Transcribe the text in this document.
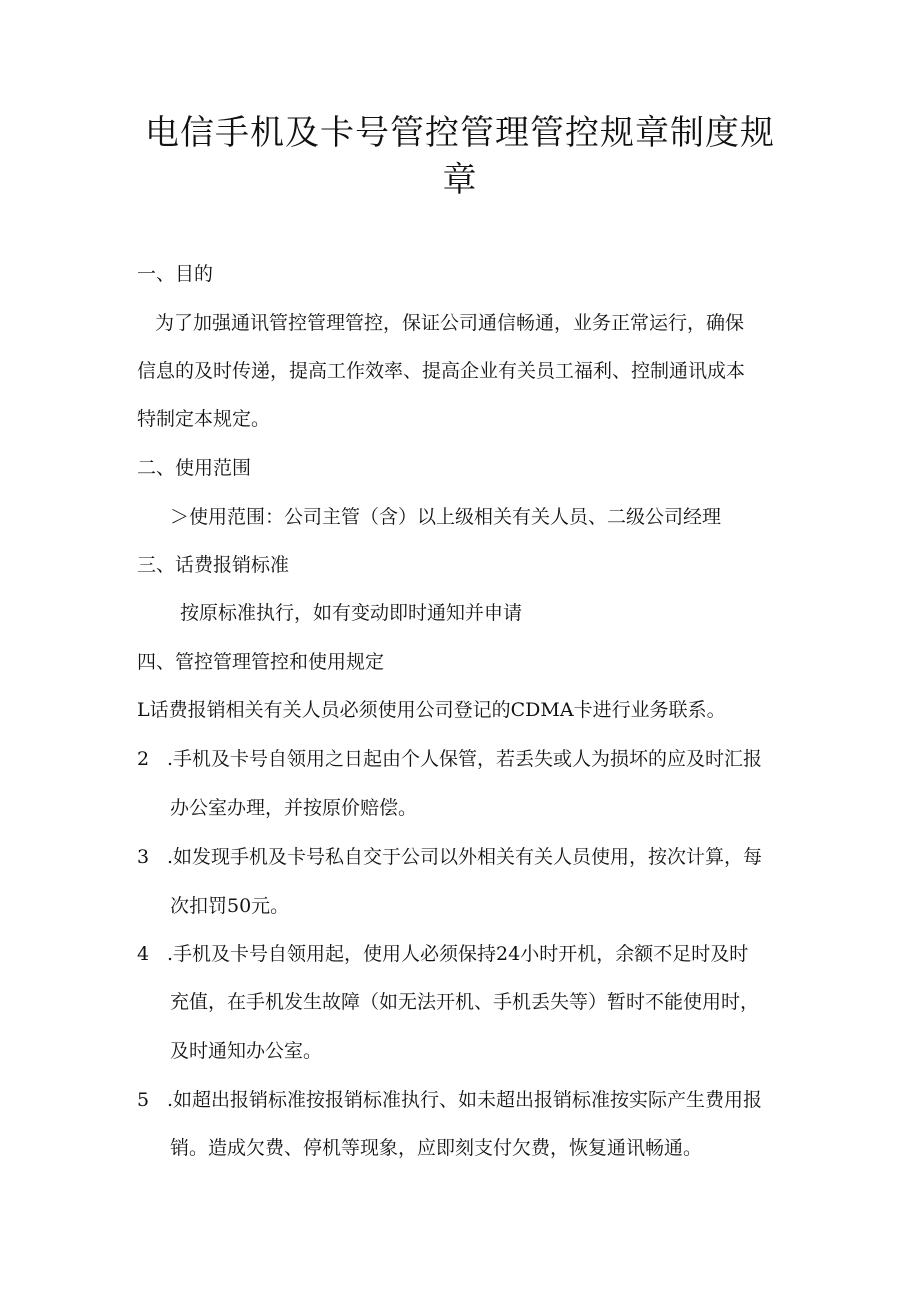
电信手机及卡号管控管理管控规章制度规
章
一、目的
为了加强通讯管控管理管控，保证公司通信畅通，业务正常运行，确保
信息的及时传递，提高工作效率、提高企业有关员工福利、控制通讯成本
特制定本规定。
二、使用范围
＞使用范围：公司主管（含）以上级相关有关人员、二级公司经理
三、话费报销标准
按原标准执行，如有变动即时通知并申请
四、管控管理管控和使用规定
L话费报销相关有关人员必须使用公司登记的CDMA卡进行业务联系。
2 .手机及卡号自领用之日起由个人保管，若丢失或人为损坏的应及时汇报
办公室办理，并按原价赔偿。
3 .如发现手机及卡号私自交于公司以外相关有关人员使用，按次计算，每
次扣罚50元。
4 .手机及卡号自领用起，使用人必须保持24小时开机，余额不足时及时
充值，在手机发生故障（如无法开机、手机丢失等）暂时不能使用时，
及时通知办公室。
5 .如超出报销标准按报销标准执行、如未超出报销标准按实际产生费用报
销。造成欠费、停机等现象，应即刻支付欠费，恢复通讯畅通。
